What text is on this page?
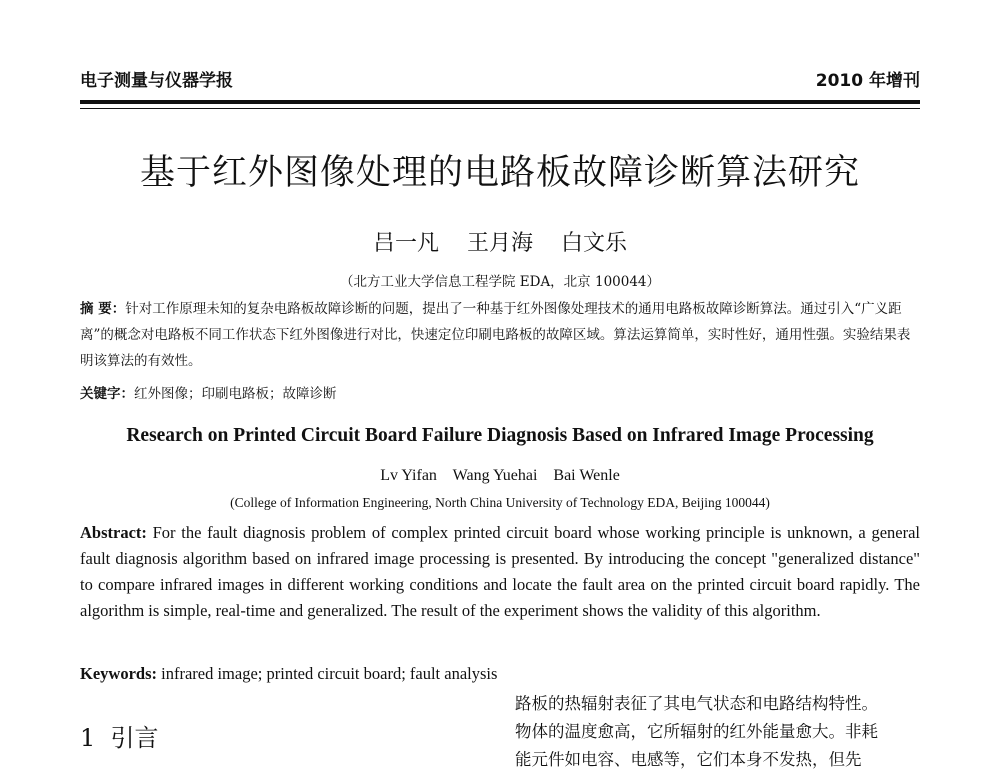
电子测量与仪器学报	2010 年增刊
基于红外图像处理的电路板故障诊断算法研究
吕一凡    王月海    白文乐
（北方工业大学信息工程学院 EDA，北京 100044）
摘 要：针对工作原理未知的复杂电路板故障诊断的问题，提出了一种基于红外图像处理技术的通用电路板故障诊断算法。通过引入“广义距离”的概念对电路板不同工作状态下红外图像进行对比，快速定位印刷电路板的故障区域。算法运算简单，实时性好，通用性强。实验结果表明该算法的有效性。
关键字：红外图像；印刷电路板；故障诊断
Research on Printed Circuit Board Failure Diagnosis Based on Infrared Image Processing
Lv Yifan    Wang Yuehai    Bai Wenle
(College of Information Engineering, North China University of Technology EDA, Beijing 100044)
Abstract: For the fault diagnosis problem of complex printed circuit board whose working principle is unknown, a general fault diagnosis algorithm based on infrared image processing is presented. By introducing the concept "generalized distance" to compare infrared images in different working conditions and locate the fault area on the printed circuit board rapidly. The algorithm is simple, real-time and generalized. The result of the experiment shows the validity of this algorithm.
Keywords: infrared image; printed circuit board; fault analysis
1 引言
路板的热辐射表征了其电气状态和电路结构特性。
物体的温度愈高，它所辐射的红外能量愈大。非耗
能元件如电容、电感等，它们本身不发热，但先
